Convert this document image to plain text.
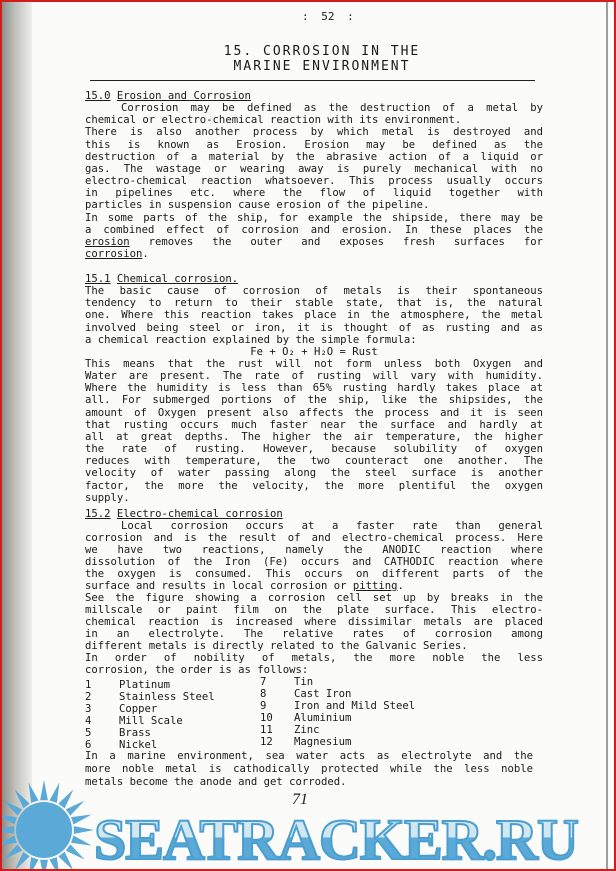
: 52 :
15. CORROSION IN THE
MARINE ENVIRONMENT
15.0 Erosion and Corrosion
Corrosion may be defined as the destruction of a metal by
chemical or electro-chemical reaction with its environment.
There is also another process by which metal is destroyed and
this is known as Erosion. Erosion may be defined as the
destruction of a material by the abrasive action of a liquid or
gas. The wastage or wearing away is purely mechanical with no
electro-chemical reaction whatsoever. This process usually occurs
in pipelines etc. where the flow of liquid together with
particles in suspension cause erosion of the pipeline.
In some parts of the ship, for example the shipside, there may be
a combined effect of corrosion and erosion. In these places the
erosion removes the outer and exposes fresh surfaces for
corrosion.
15.1 Chemical corrosion.
The basic cause of corrosion of metals is their spontaneous
tendency to return to their stable state, that is, the natural
one. Where this reaction takes place in the atmosphere, the metal
involved being steel or iron, it is thought of as rusting and as
a chemical reaction explained by the simple formula:
Fe + O₂ + H₂O = Rust
This means that the rust will not form unless both Oxygen and
Water are present. The rate of rusting will vary with humidity.
Where the humidity is less than 65% rusting hardly takes place at
all. For submerged portions of the ship, like the shipsides, the
amount of Oxygen present also affects the process and it is seen
that rusting occurs much faster near the surface and hardly at
all at great depths. The higher the air temperature, the higher
the rate of rusting. However, because solubility of oxygen
reduces with temperature, the two counteract one another. The
velocity of water passing along the steel surface is another
factor, the more the velocity, the more plentiful the oxygen
supply.
15.2 Electro-chemical corrosion
Local corrosion occurs at a faster rate than general
corrosion and is the result of and electro-chemical process. Here
we have two reactions, namely the ANODIC reaction where
dissolution of the Iron (Fe) occurs and CATHODIC reaction where
the oxygen is consumed. This occurs on different parts of the
surface and results in local corrosion or pitting.
See the figure showing a corrosion cell set up by breaks in the
millscale or paint film on the plate surface. This electro-
chemical reaction is increased where dissimilar metals are placed
in an electrolyte. The relative rates of corrosion among
different metals is directly related to the Galvanic Series.
In order of nobility of metals, the more noble the less
corrosion, the order is as follows:
1	Platinum
2	Stainless Steel
3	Copper
4	Mill Scale
5	Brass
6	Nickel
7	Tin
8	Cast Iron
9	Iron and Mild Steel
10 Aluminium
11 Zinc
12 Magnesium
In a marine environment, sea water acts as electrolyte and the
more noble metal is cathodically protected while the less noble
metals become the anode and get corroded.
SEATRACKER.RU
71
